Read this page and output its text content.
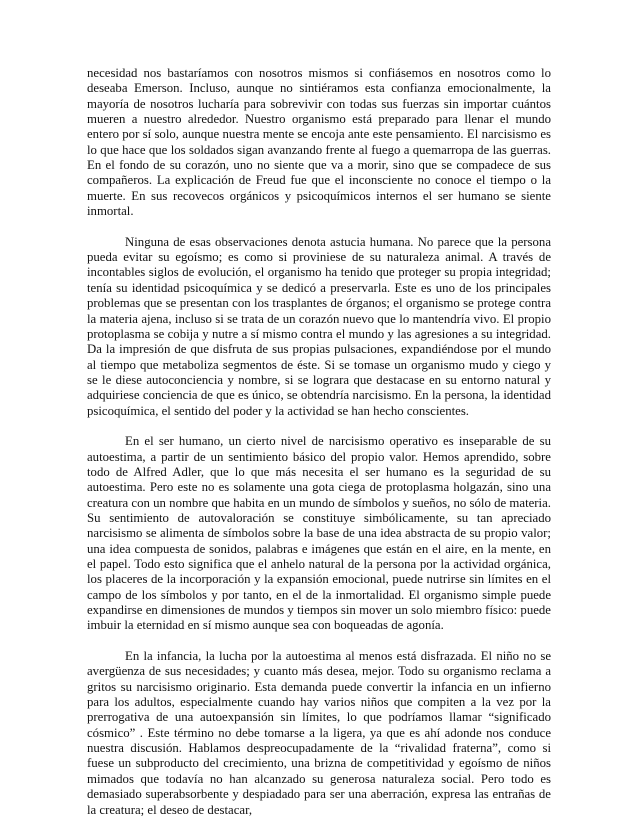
necesidad nos bastaríamos con nosotros mismos si confiásemos en nosotros como lo deseaba Emerson. Incluso, aunque no sintiéramos esta confianza emocionalmente, la mayoría de nosotros lucharía para sobrevivir con todas sus fuerzas sin importar cuántos mueren a nuestro alrededor. Nuestro organismo está preparado para llenar el mundo entero por sí solo, aunque nuestra mente se encoja ante este pensamiento. El narcisismo es lo que hace que los soldados sigan avanzando frente al fuego a quemarropa de las guerras. En el fondo de su corazón, uno no siente que va a morir, sino que se compadece de sus compañeros. La explicación de Freud fue que el inconsciente no conoce el tiempo o la muerte. En sus recovecos orgánicos y psicoquímicos internos el ser humano se siente inmortal.

Ninguna de esas observaciones denota astucia humana. No parece que la persona pueda evitar su egoísmo; es como si proviniese de su naturaleza animal. A través de incontables siglos de evolución, el organismo ha tenido que proteger su propia integridad; tenía su identidad psicoquímica y se dedicó a preservarla. Este es uno de los principales problemas que se presentan con los trasplantes de órganos; el organismo se protege contra la materia ajena, incluso si se trata de un corazón nuevo que lo mantendría vivo. El propio protoplasma se cobija y nutre a sí mismo contra el mundo y las agresiones a su integridad. Da la impresión de que disfruta de sus propias pulsaciones, expandiéndose por el mundo al tiempo que metaboliza segmentos de éste. Si se tomase un organismo mudo y ciego y se le diese autoconciencia y nombre, si se lograra que destacase en su entorno natural y adquiriese conciencia de que es único, se obtendría narcisismo. En la persona, la identidad psicoquímica, el sentido del poder y la actividad se han hecho conscientes.

En el ser humano, un cierto nivel de narcisismo operativo es inseparable de su autoestima, a partir de un sentimiento básico del propio valor. Hemos aprendido, sobre todo de Alfred Adler, que lo que más necesita el ser humano es la seguridad de su autoestima. Pero este no es solamente una gota ciega de protoplasma holgazán, sino una creatura con un nombre que habita en un mundo de símbolos y sueños, no sólo de materia. Su sentimiento de autovaloración se constituye simbólicamente, su tan apreciado narcisismo se alimenta de símbolos sobre la base de una idea abstracta de su propio valor; una idea compuesta de sonidos, palabras e imágenes que están en el aire, en la mente, en el papel. Todo esto significa que el anhelo natural de la persona por la actividad orgánica, los placeres de la incorporación y la expansión emocional, puede nutrirse sin límites en el campo de los símbolos y por tanto, en el de la inmortalidad. El organismo simple puede expandirse en dimensiones de mundos y tiempos sin mover un solo miembro físico: puede imbuir la eternidad en sí mismo aunque sea con boqueadas de agonía.

En la infancia, la lucha por la autoestima al menos está disfrazada. El niño no se avergüenza de sus necesidades; y cuanto más desea, mejor. Todo su organismo reclama a gritos su narcisismo originario. Esta demanda puede convertir la infancia en un infierno para los adultos, especialmente cuando hay varios niños que compiten a la vez por la prerrogativa de una autoexpansión sin límites, lo que podríamos llamar “significado cósmico” . Este término no debe tomarse a la ligera, ya que es ahí adonde nos conduce nuestra discusión. Hablamos despreocupadamente de la “rivalidad fraterna”, como si fuese un subproducto del crecimiento, una brizna de competitividad y egoísmo de niños mimados que todavía no han alcanzado su generosa naturaleza social. Pero todo es demasiado superabsorbente y despiadado para ser una aberración, expresa las entrañas de la creatura; el deseo de destacar,
